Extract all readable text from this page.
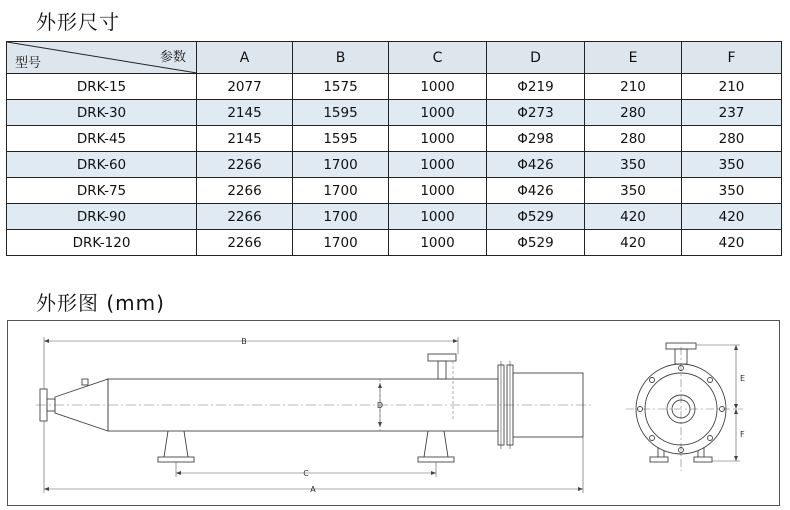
外形尺寸
参数
型号	A	B	C	D	E	F
DRK-15	2077	1575	1000	Φ219	210	210
DRK-30	2145	1595	1000	Φ273	280	237
DRK-45	2145	1595	1000	Φ298	280	280
DRK-60	2266	1700	1000	Φ426	350	350
DRK-75	2266	1700	1000	Φ426	350	350
DRK-90	2266	1700	1000	Φ529	420	420
DRK-120	2266	1700	1000	Φ529	420	420
外形图 (mm)
B
C
A
D
E
F
